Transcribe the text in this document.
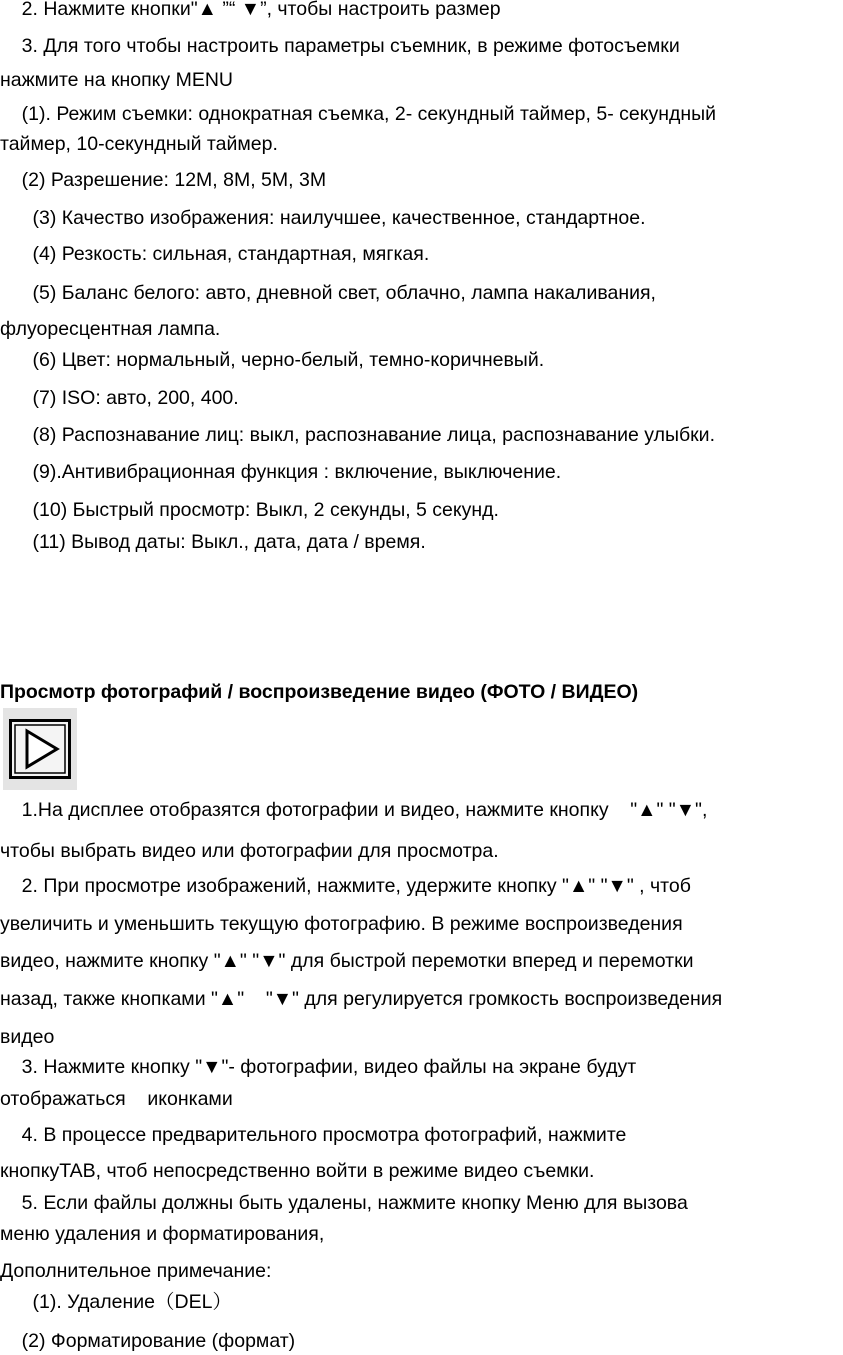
2. Нажмите кнопки"▲ ”“ ▼”, чтобы настроить размер
3. Для того чтобы настроить параметры съемник, в режиме фотосъемки
нажмите на кнопку MENU
(1). Режим съемки: однократная съемка, 2- секундный таймер, 5- секундный
таймер, 10-секундный таймер.
(2) Разрешение: 12M, 8M, 5M, 3M
(3) Качество изображения: наилучшее, качественное, стандартное.
(4) Резкость: сильная, стандартная, мягкая.
(5) Баланс белого: авто, дневной свет, облачно, лампа накаливания,
флуоресцентная лампа.
(6) Цвет: нормальный, черно-белый, темно-коричневый.
(7) ISO: авто, 200, 400.
(8) Распознавание лиц: выкл, распознавание лица, распознавание улыбки.
(9).Антивибрационная функция : включение, выключение.
(10) Быстрый просмотр: Выкл, 2 секунды, 5 секунд.
(11) Вывод даты: Выкл., дата, дата / время.
Просмотр фотографий / воспроизведение видео (ФОТО / ВИДЕО)
1.На дисплее отобразятся фотографии и видео, нажмите кнопку    "▲" "▼",
чтобы выбрать видео или фотографии для просмотра.
2. При просмотре изображений, нажмите, удержите кнопку "▲" "▼" , чтоб
увеличить и уменьшить текущую фотографию. В режиме воспроизведения
видео, нажмите кнопку "▲" "▼" для быстрой перемотки вперед и перемотки
назад, также кнопками "▲"    "▼" для регулируется громкость воспроизведения
видео
3. Нажмите кнопку "▼"- фотографии, видео файлы на экране будут
отображаться    иконками
4. В процессе предварительного просмотра фотографий, нажмите
кнопкуTAB, чтоб непосредственно войти в режиме видео съемки.
5. Если файлы должны быть удалены, нажмите кнопку Меню для вызова
меню удаления и форматирования,
Дополнительное примечание:
(1). Удаление（DEL）
(2) Форматирование (формат)
